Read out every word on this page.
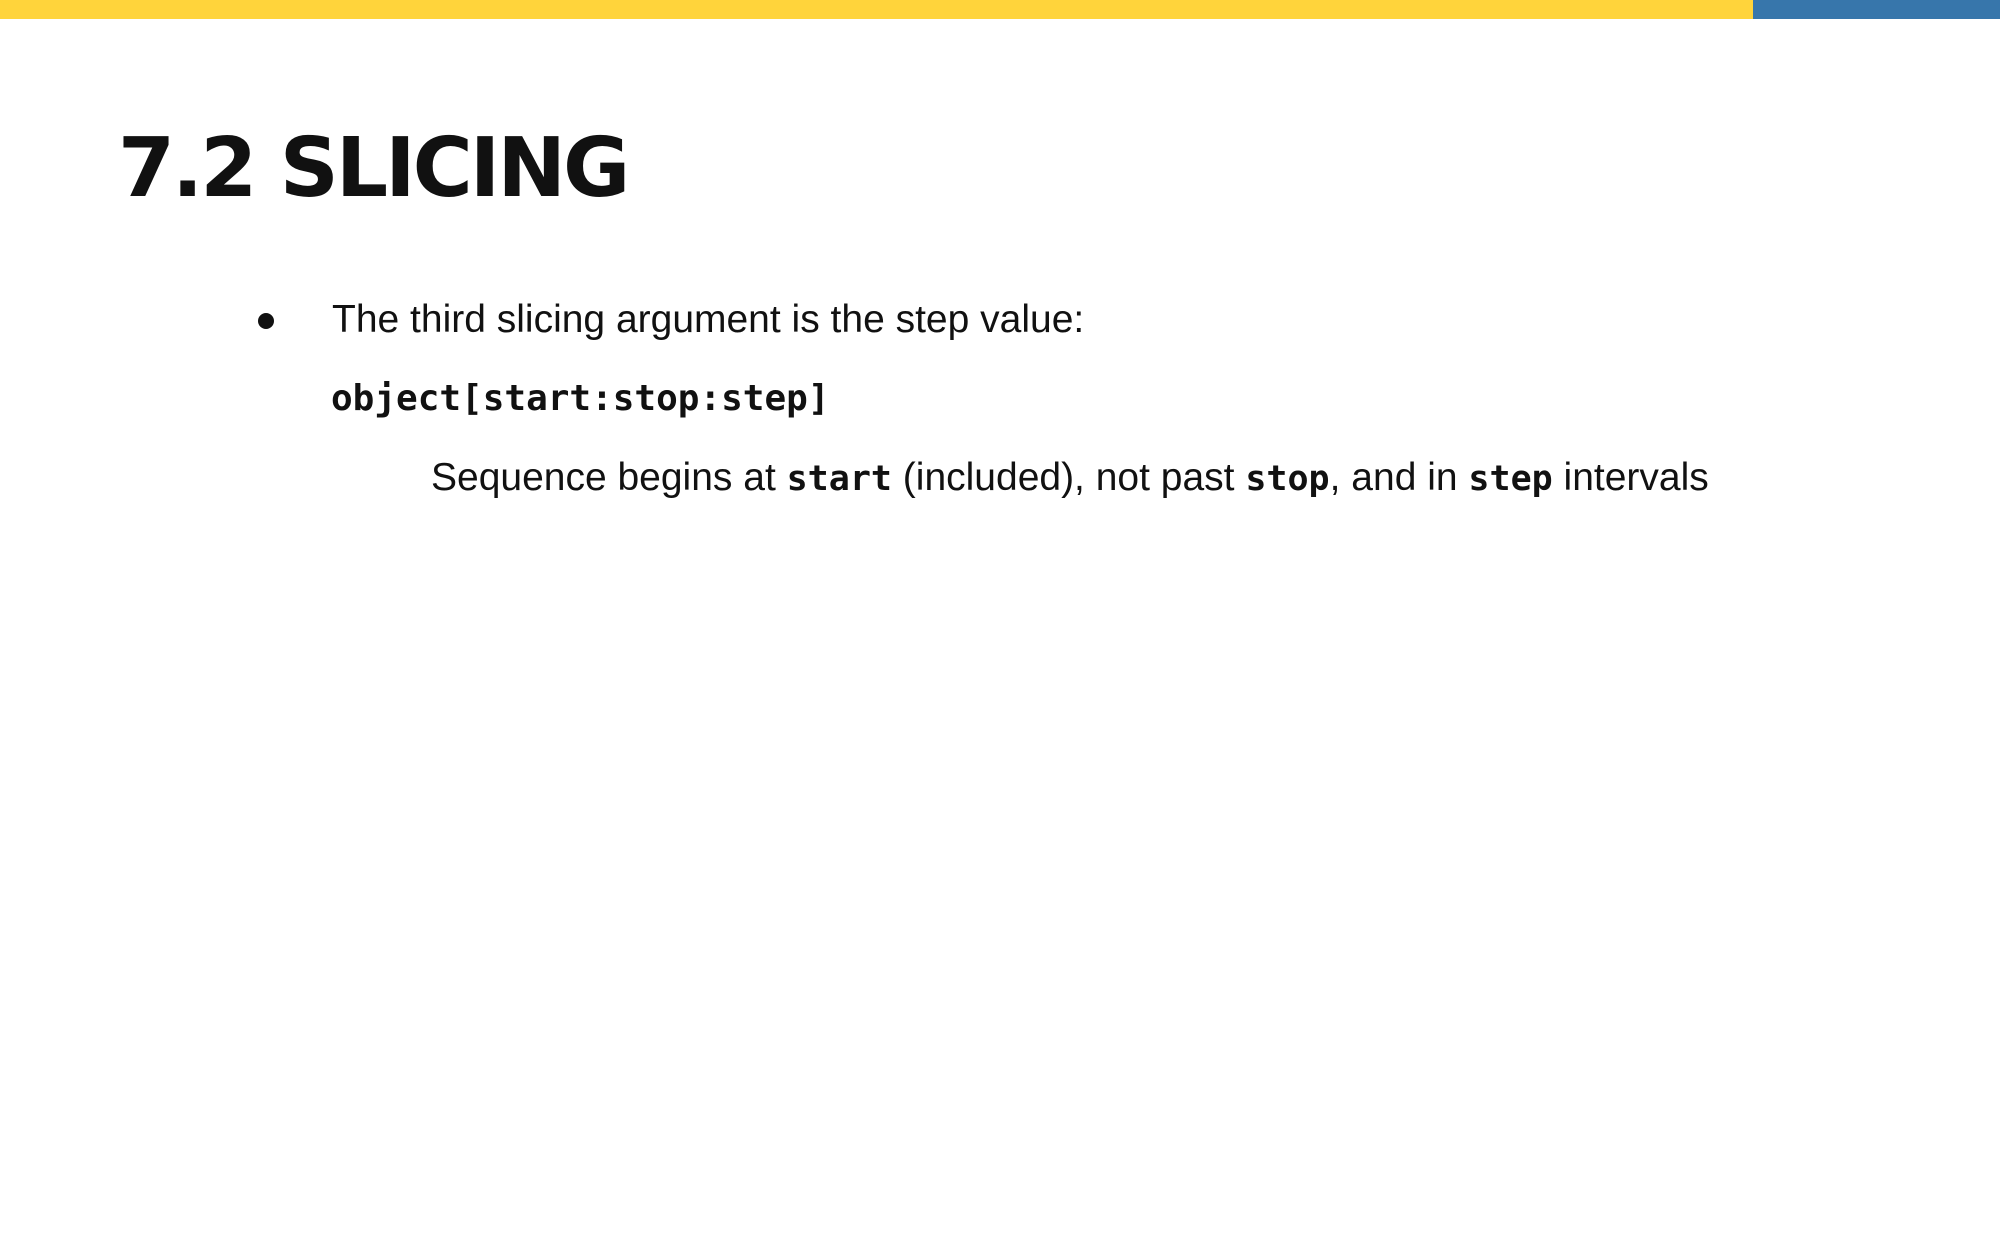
7.2 SLICING
The third slicing argument is the step value:
object[start:stop:step]
Sequence begins at start (included), not past stop, and in step intervals
